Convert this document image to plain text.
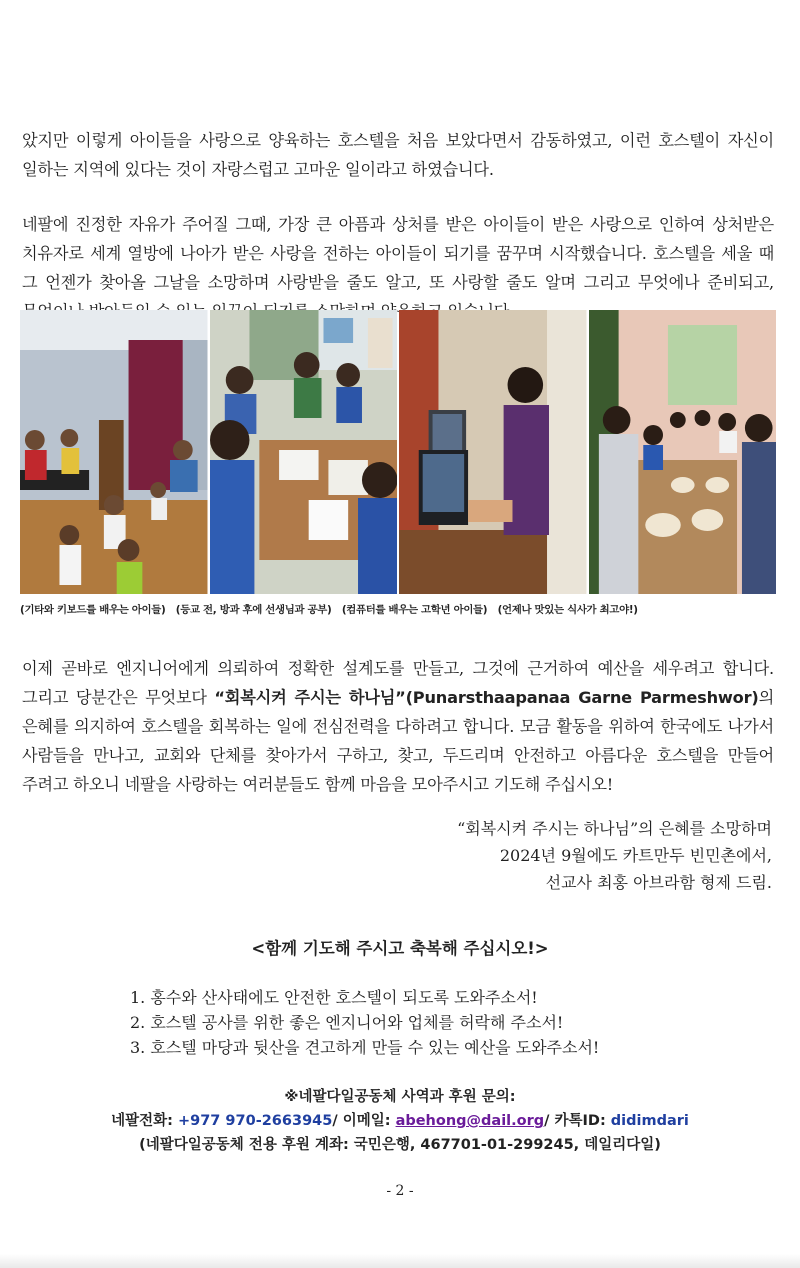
았지만 이렇게 아이들을 사랑으로 양육하는 호스텔을 처음 보았다면서 감동하였고, 이런 호스텔이 자신이 일하는 지역에 있다는 것이 자랑스럽고 고마운 일이라고 하였습니다.

네팔에 진정한 자유가 주어질 그때, 가장 큰 아픔과 상처를 받은 아이들이 받은 사랑으로 인하여 상처받은 치유자로 세계 열방에 나아가 받은 사랑을 전하는 아이들이 되기를 꿈꾸며 시작했습니다. 호스텔을 세울 때 그 언젠가 찾아올 그날을 소망하며 사랑받을 줄도 알고, 또 사랑할 줄도 알며 그리고 무엇에나 준비되고,

(기타와 키보드를 배우는 아이들) (등교 전, 방과 후에 선생님과 공부) (컴퓨터를 배우는 고학년 아이들) (언제나 맛있는 식사가 최고야!)

이제 곧바로 엔지니어에게 의뢰하여 정확한 설계도를 만들고, 그것에 근거하여 예산을 세우려고 합니다. 그리고 당분간은 무엇보다 “회복시켜 주시는 하나님”(Punarsthaapanaa Garne Parmeshwor)의 은혜를 의지하여 호스텔을 회복하는 일에 전심전력을 다하려고 합니다. 모금 활동을 위하여 한국에도 나가서 사람들을 만나고, 교회와 단체를 찾아가서 구하고, 찾고, 두드리며 안전하고 아름다운 호스텔을 만들어 주려고 하오니 네팔을 사랑하는 여러분들도 함께 마음을 모아주시고 기도해 주십시오!

“회복시켜 주시는 하나님”의 은혜를 소망하며
2024년 9월에도 카트만두 빈민촌에서,
선교사 최홍 아브라함 형제 드림.
<함께 기도해 주시고 축복해 주십시오!>
1. 홍수와 산사태에도 안전한 호스텔이 되도록 도와주소서!
2. 호스텔 공사를 위한 좋은 엔지니어와 업체를 허락해 주소서!
3. 호스텔 마당과 뒷산을 견고하게 만들 수 있는 예산을 도와주소서!
※네팔다일공동체 사역과 후원 문의:
네팔전화: +977 970-2663945/ 이메일: abehong@dail.org/ 카톡ID: didimdari
(네팔다일공동체 전용 후원 계좌: 국민은행, 467701-01-299245, 데일리다일)
- 2 -
